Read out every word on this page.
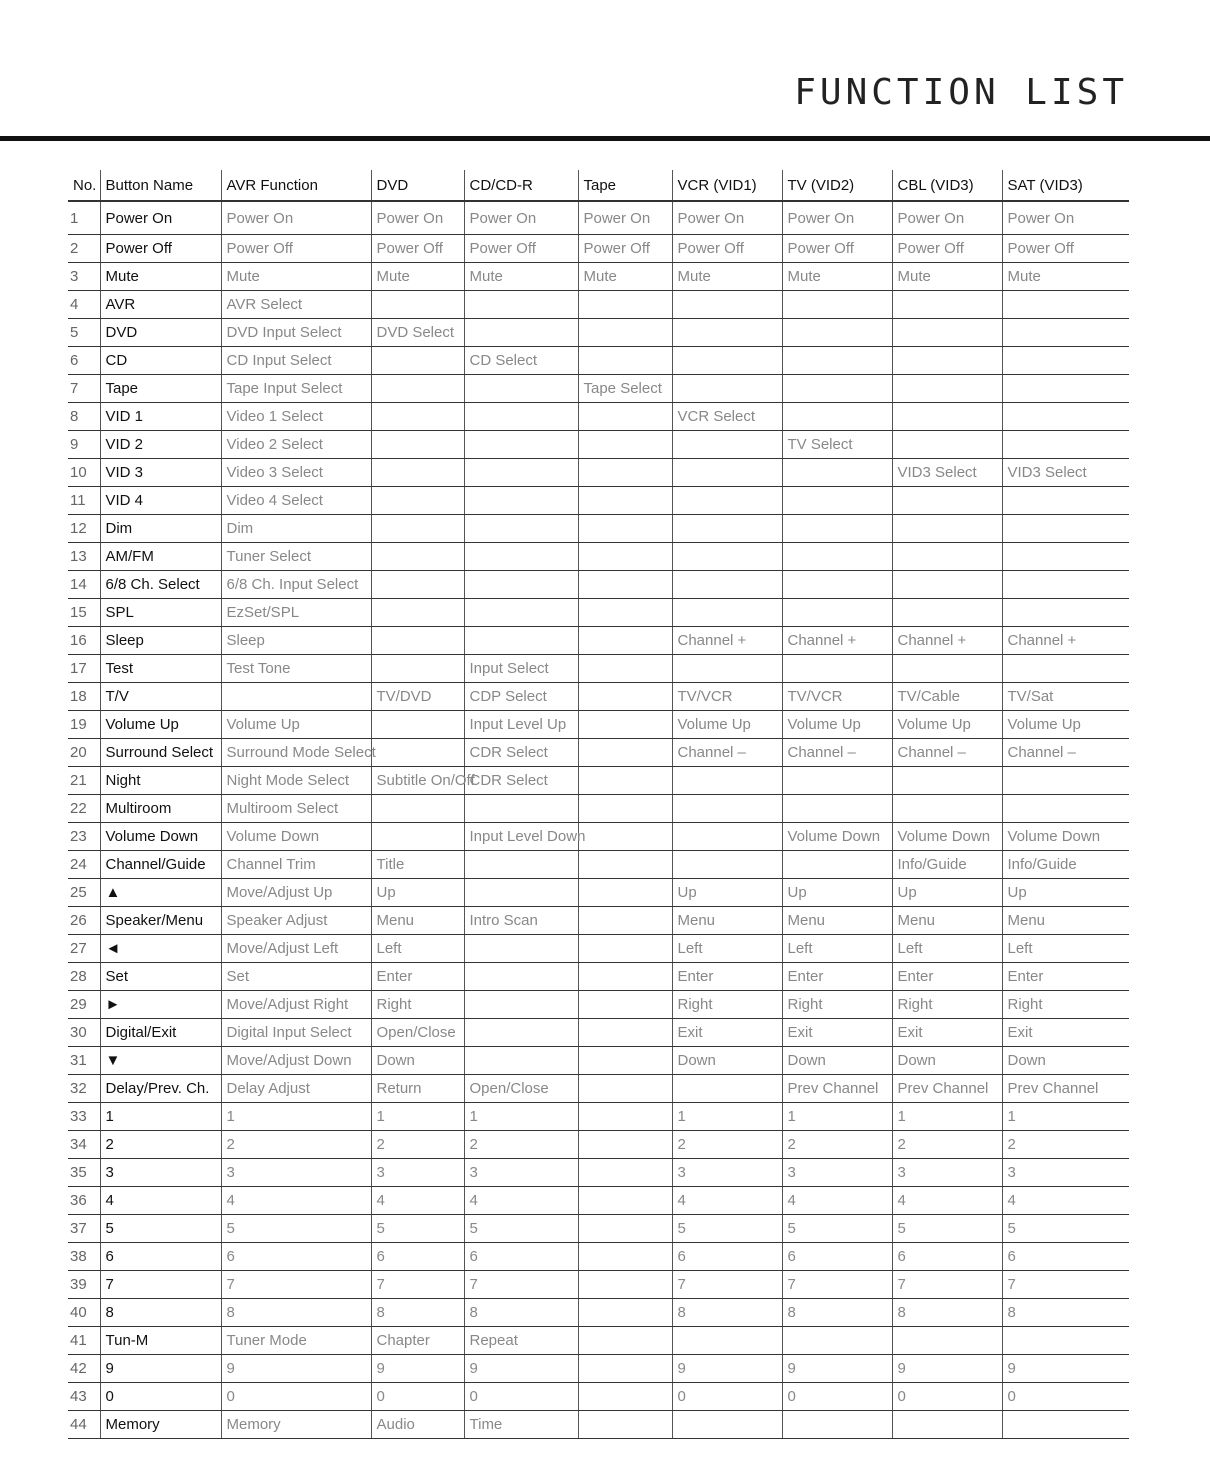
FUNCTION LIST
No.	Button Name	AVR Function	DVD	CD/CD-R	Tape	VCR (VID1)	TV (VID2)	CBL (VID3)	SAT (VID3)
1	Power On	Power On	Power On	Power On	Power On	Power On	Power On	Power On	Power On
2	Power Off	Power Off	Power Off	Power Off	Power Off	Power Off	Power Off	Power Off	Power Off
3	Mute	Mute	Mute	Mute	Mute	Mute	Mute	Mute	Mute
4	AVR	AVR Select							
5	DVD	DVD Input Select	DVD Select						
6	CD	CD Input Select		CD Select					
7	Tape	Tape Input Select			Tape Select				
8	VID 1	Video 1 Select				VCR Select			
9	VID 2	Video 2 Select					TV Select		
10	VID 3	Video 3 Select						VID3 Select	VID3 Select
11	VID 4	Video 4 Select							
12	Dim	Dim							
13	AM/FM	Tuner Select							
14	6/8 Ch. Select	6/8 Ch. Input Select							
15	SPL	EzSet/SPL							
16	Sleep	Sleep				Channel +	Channel +	Channel +	Channel +
17	Test	Test Tone		Input Select					
18	T/V		TV/DVD	CDP Select		TV/VCR	TV/VCR	TV/Cable	TV/Sat
19	Volume Up	Volume Up		Input Level Up		Volume Up	Volume Up	Volume Up	Volume Up
20	Surround Select	Surround Mode Select		CDR Select		Channel –	Channel –	Channel –	Channel –
21	Night	Night Mode Select	Subtitle On/Off	CDR Select					
22	Multiroom	Multiroom Select							
23	Volume Down	Volume Down		Input Level Down			Volume Down	Volume Down	Volume Down
24	Channel/Guide	Channel Trim	Title					Info/Guide	Info/Guide
25	▲	Move/Adjust Up	Up			Up	Up	Up	Up
26	Speaker/Menu	Speaker Adjust	Menu	Intro Scan		Menu	Menu	Menu	Menu
27	◄	Move/Adjust Left	Left			Left	Left	Left	Left
28	Set	Set	Enter			Enter	Enter	Enter	Enter
29	►	Move/Adjust Right	Right			Right	Right	Right	Right
30	Digital/Exit	Digital Input Select	Open/Close			Exit	Exit	Exit	Exit
31	▼	Move/Adjust Down	Down			Down	Down	Down	Down
32	Delay/Prev. Ch.	Delay Adjust	Return	Open/Close			Prev Channel	Prev Channel	Prev Channel
33	1	1	1	1		1	1	1	1
34	2	2	2	2		2	2	2	2
35	3	3	3	3		3	3	3	3
36	4	4	4	4		4	4	4	4
37	5	5	5	5		5	5	5	5
38	6	6	6	6		6	6	6	6
39	7	7	7	7		7	7	7	7
40	8	8	8	8		8	8	8	8
41	Tun-M	Tuner Mode	Chapter	Repeat					
42	9	9	9	9		9	9	9	9
43	0	0	0	0		0	0	0	0
44	Memory	Memory	Audio	Time					
